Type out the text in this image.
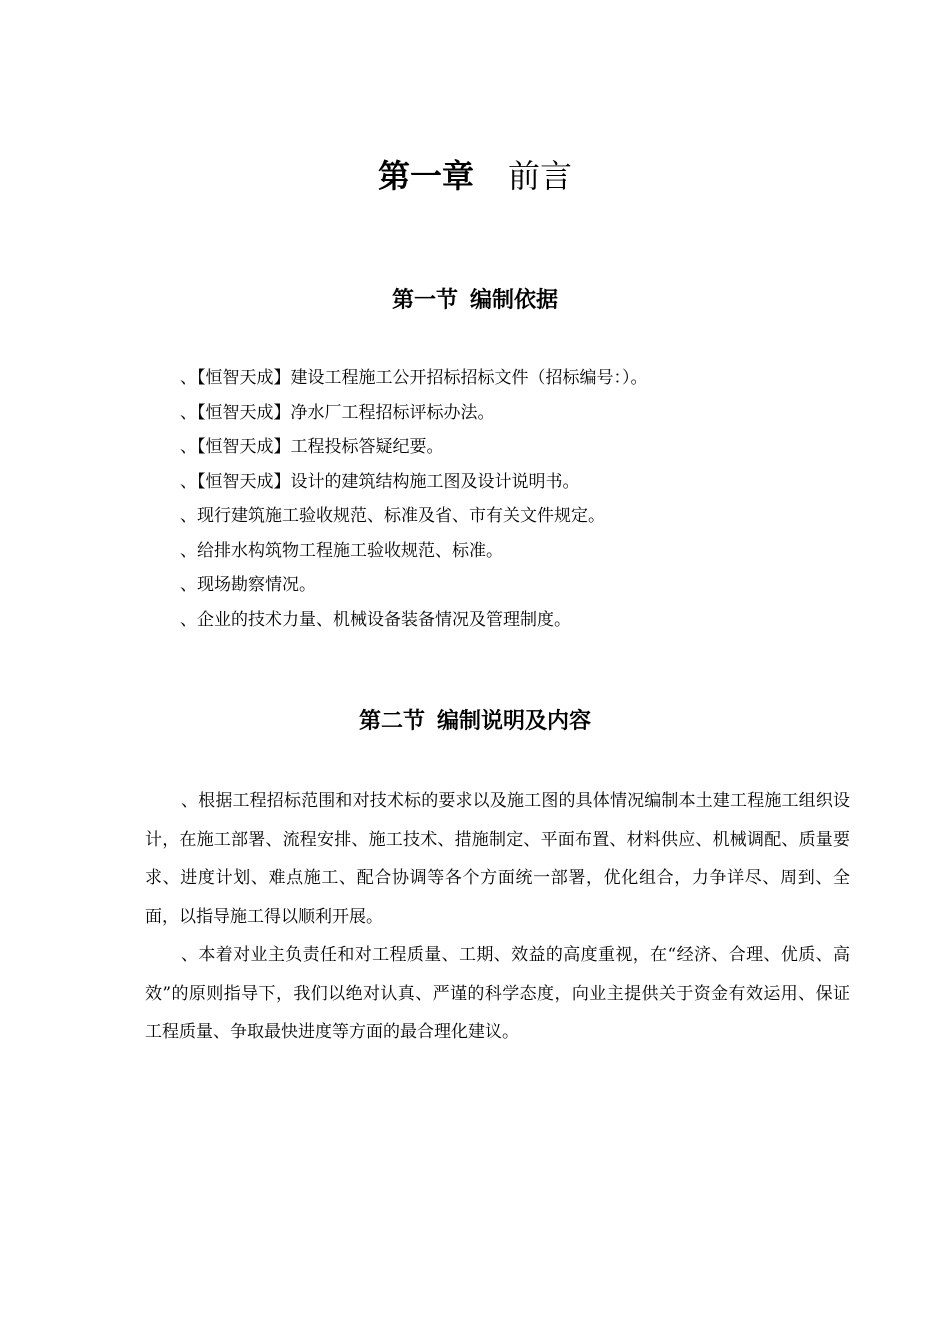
第一章 前言
第一节 编制依据
、【恒智天成】建设工程施工公开招标招标文件（招标编号：）。
、【恒智天成】净水厂工程招标评标办法。
、【恒智天成】工程投标答疑纪要。
、【恒智天成】设计的建筑结构施工图及设计说明书。
、现行建筑施工验收规范、标准及省、市有关文件规定。
、给排水构筑物工程施工验收规范、标准。
、现场勘察情况。
、企业的技术力量、机械设备装备情况及管理制度。
第二节 编制说明及内容

、根据工程招标范围和对技术标的要求以及施工图的具体情况编制本土建工程施工组织设计，在施工部署、流程安排、施工技术、措施制定、平面布置、材料供应、机械调配、质量要求、进度计划、难点施工、配合协调等各个方面统一部署，优化组合，力争详尽、周到、全面，以指导施工得以顺利开展。

、本着对业主负责任和对工程质量、工期、效益的高度重视，在“经济、合理、优质、高效”的原则指导下，我们以绝对认真、严谨的科学态度，向业主提供关于资金有效运用、保证工程质量、争取最快进度等方面的最合理化建议。
